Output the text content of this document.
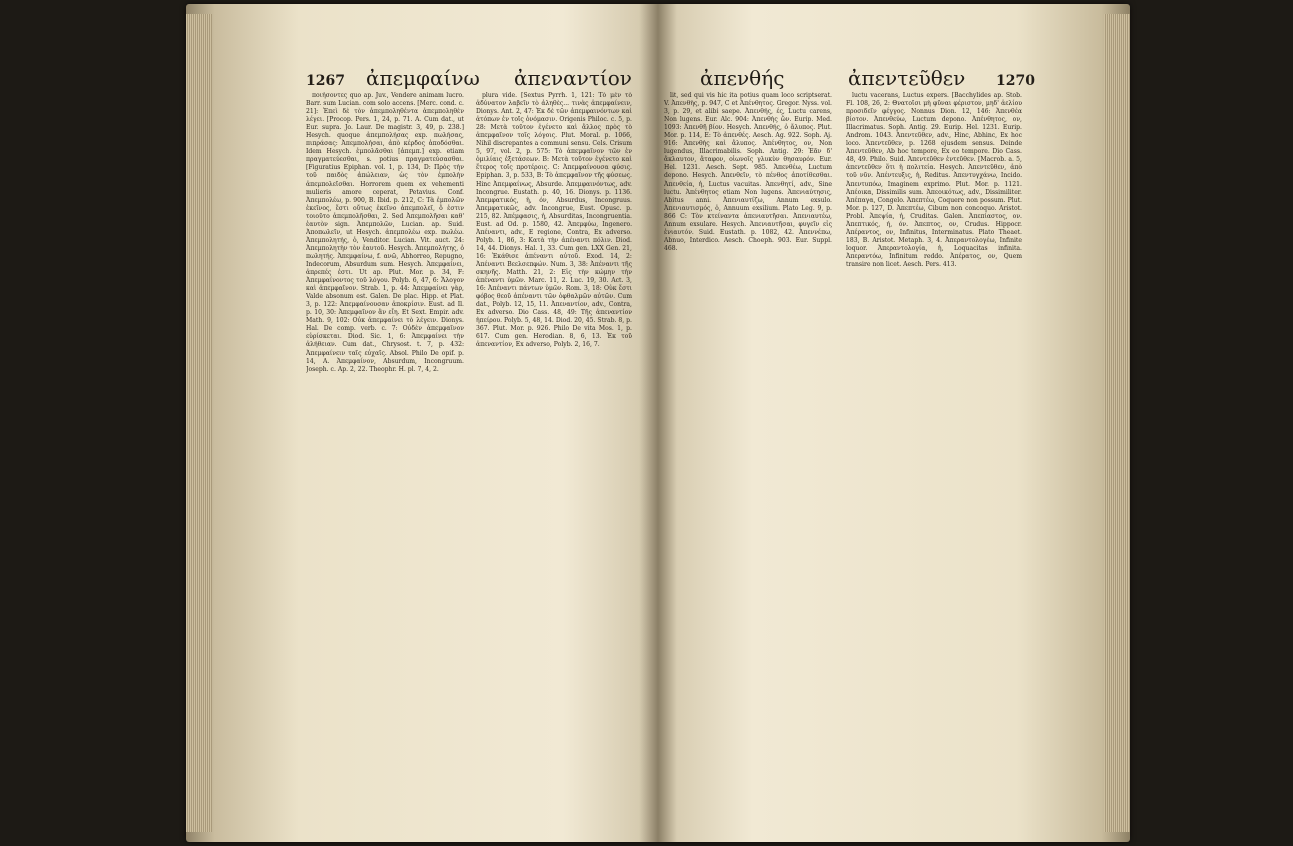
1267 ἀπεμφαίνω ἀπεναντίον	ἀπενθής	ἀπεντεῦθεν 1270

ποιήσοντες quo ap. Juv., Vendere animam lucro. Barr. sum Lucian. com solo accens. [Merc. cond. c. 21]: Ἐπεὶ δὲ τὸν ἀπεμποληθέντα ἀπεμποληθὲν λέγει. [Procop. Pers. 1, 24, p. 71. A. Cum dat., ut Eur. supra. Jo. Laur. De magistr. 3, 49, p. 238.] Hesych. quoque ἀπεμπολήσας exp. πωλήσας, πιπράσας: Ἀπεμπολήσαι, ἀπὸ κέρδος ἀποδόσθαι. Idem Hesych. ἐμπολᾶσθαι [ἀπεμπ.] exp. etiam πραγματεύεσθαι, s. potius πραγματεύσασθαι. [Figuratius Epiphan. vol. 1, p. 134, D: Πρὸς τὴν τοῦ παιδὸς ἀπώλειαν, ὡς τὸν ἐμπολὴν ἀπεμπολεῖσθαι. Horrorem quem ex vehementi mulieris amore ceperat, Petavius. Conf. Ἀπεμπολέω, p. 900, B. Ibid. p. 212, C: Τὰ ἐμπολῶν ἐκεῖνος, ἔστι οὔτως ἐκεῖνο ἀπεμπολεῖ, ὅ ἐστιν τοιοῦτο ἀπεμπολῆσθαι, 2. Sed Ἀπεμπολῆσαι καθ' ἑαυτὸν sign. Ἀπεμπολῶν, Lucian. ap. Suid. Ἀποπωλεῖν, ut Hesych. ἀπεμπολέω exp. πωλέω. Ἀπεμπολητής, ὁ, Venditor. Lucian. Vit. auct. 24: Ἀπεμπολητὴν τὸν ἑαυτοῦ. Hesych. Ἀπεμπολήτης, ὁ πωλητής. Ἀπεμφαίνω, f. ανῶ, Abhorreo, Repugno, Indecorum, Absurdum sum. Hesych. Ἀπεμφαίνει, ἀπρεπές ἐστι. Ut ap. Plut. Mor. p. 34, F: Ἀπεμφαίνοντος τοῦ λόγου. Polyb. 6, 47, 6: Ἄλογον καὶ ἀπεμφαῖνον. Strab. 1, p. 44: Ἀπεμφαίνει γὰρ, Valde absonum est. Galen. De plac. Hipp. et Plat. 3, p. 122: Ἀπεμφαίνουσαν ἀποκρίσιν. Eust. ad Il. p. 10, 30: Ἀπεμφαῖνον ἂν εἴη. Et Sext. Empir. adv. Math. 9, 102: Οὐκ ἀπεμφαίνει τὸ λέγειν. Dionys. Hal. De comp. verb. c. 7: Οὐδὲν ἀπεμφαῖνον εὑρίσκεται. Diod. Sic. 1, 6: Ἀπεμφαίνει τὴν ἀλήθειαν. Cum dat., Chrysost. t. 7, p. 432: Ἀπεμφαίνειν ταῖς εὐχαῖς. Absol. Philo De opif. p. 14, A. Ἀπεμφαίνον, Absurdum, Incongruum. Joseph. c. Ap. 2, 22. Theophr. H. pl. 7, 4, 2.

plura vide. [Sextus Pyrrh. 1, 121: Τὸ μὲν τὸ ἀδύνατον λαβεῖν τὸ ἀληθὲς... τινὰς ἀπεμφαίνειν, Dionys. Ant. 2, 47: Ἐκ δὲ τῶν ἀπεμφαινόντων καὶ ἀτόπων ἐν τοῖς ὀνόμασιν. Origenis Philoc. c. 5, p. 28: Μετὰ τοῦτον ἐγένετο καὶ ἄλλος πρὸς τὸ ἀπεμφαῖνον τοῖς λόγοις. Plut. Moral. p. 1066, Nihil discrepantes a communi sensu. Cels. Crisum 5, 97, vol. 2, p. 575: Τὸ ἀπεμφαῖνον τῶν ἐν ὁμιλίαις ἐξετάσεων. B: Μετὰ τοῦτον ἐγένετο καὶ ἕτερος τοῖς προτέροις. C: Ἀπεμφαίνουσα φύσις. Epiphan. 3, p. 533, B: Τὸ ἀπεμφαῖνον τῆς φύσεως. Hinc Ἀπεμφαίνως, Absurde. Ἀπεμφαινόντως, adv. Incongrue. Eustath. p. 40, 16. Dionys. p. 1136. Ἀπεμφατικός, ἡ, όν, Absurdus, Incongruus. Ἀπεμφατικῶς, adv. Incongrue, Eust. Opusc. p. 215, 82. Ἀπέμφασις, ἡ, Absurditas, Incongruentia. Eust. ad Od. p. 1580, 42. Ἀπεμφύω, Ingenero. Ἀπέναντι, adv., E regione, Contra, Ex adverso. Polyb. 1, 86, 3: Κατὰ τὴν ἀπέναντι πόλιν. Diod. 14, 44. Dionys. Hal. 1, 33. Cum gen. LXX Gen. 21, 16: Ἐκάθισε ἀπέναντι αὐτοῦ. Exod. 14, 2: Ἀπέναντι Βεελσεπφών. Num. 3, 38: Ἀπέναντι τῆς σκηνῆς. Matth. 21, 2: Εἰς τὴν κώμην τὴν ἀπέναντι ὑμῶν. Marc. 11, 2. Luc. 19, 30. Act. 3, 16: Ἀπέναντι πάντων ὑμῶν. Rom. 3, 18: Οὐκ ἔστι φόβος θεοῦ ἀπέναντι τῶν ὀφθαλμῶν αὐτῶν. Cum dat., Polyb. 12, 15, 11. Ἀπεναντίον, adv., Contra, Ex adverso. Dio Cass. 48, 49: Τῆς ἀπεναντίον ἠπείρου. Polyb. 5, 48, 14. Diod. 20, 45. Strab. 8, p. 367. Plut. Mor. p. 926. Philo De vita Mos. 1, p. 617. Cum gen. Herodian. 8, 6, 13. Ἐκ τοῦ ἀπεναντίον, Ex adverso, Polyb. 2, 16, 7.

lit, sed qui vis hic ita potius quam loco scriptserat. V. Ἀπενθὴς, p. 947, C et Ἀπένθητος. Gregor. Nyss. vol. 3, p. 29, et alibi saepe. Ἀπενθής, ές, Luctu carens, Non lugens. Eur. Alc. 904: Ἀπενθὴς ὤν. Eurip. Med. 1093: Ἀπενθῆ βίον. Hesych. Ἀπενθής, ὁ ἄλυπος. Plut. Mor. p. 114, E: Τὸ ἀπενθές. Aesch. Ag. 922. Soph. Aj. 916: Ἀπενθὴς καὶ ἄλυπος. Ἀπένθητος, ον, Non lugendus, Illacrimabilis. Soph. Antig. 29: Ἐᾶν δ' ἄκλαυτον, ἄταφον, οἰωνοῖς γλυκὺν θησαυρόν. Eur. Hel. 1231. Aesch. Sept. 985. Ἀπενθέω, Luctum depono. Hesych. Ἀπενθεῖν, τὸ πένθος ἀποτίθεσθαι. Ἀπενθεία, ἡ, Luctus vacuitas. Ἀπενθητί, adv., Sine luctu. Ἀπένθητος etiam Non lugens. Ἀπενιαύτησις, Abitus anni. Ἀπενιαυτίζω, Annum exsulo. Ἀπενιαυτισμός, ὁ, Annuum exsilium. Plato Leg. 9, p. 866 C: Τὸν κτείναντα ἀπενιαυτῆσαι. Ἀπενιαυτέω, Annum exsulare. Hesych. Ἀπενιαυτῆσαι, φυγεῖν εἰς ἐνιαυτόν. Suid. Eustath. p. 1082, 42. Ἀπεννέπω, Abnuo, Interdico. Aesch. Choeph. 903. Eur. Suppl. 468.

luctu vacerans, Luctus expers. [Bacchylides ap. Stob. Fl. 108, 26, 2: Θνατοῖσι μὴ φῦναι φέριστον, μηδ' ἀελίου προσιδεῖν φέγγος. Nonnus Dion. 12, 146: Ἀπενθέα βίοτον. Ἀπενθεύω, Luctum depono. Ἀπένθητος, ον, Illacrimatus. Soph. Antig. 29. Eurip. Hel. 1231. Eurip. Androm. 1043. Ἀπεντεῦθεν, adv., Hinc, Abhinc, Ex hoc loco. Ἀπεντεῦθεν, p. 1268 ejusdem sensus. Deinde Ἀπεντεῦθεν, Ab hoc tempore, Ex eo tempore. Dio Cass. 48, 49. Philo. Suid. Ἀπεντεῦθεν ἐντεῦθεν. [Macrob. a. 5, ἀπεντεῦθεν ὅτι ἡ πολιτεία. Hesych. Ἀπεντεῦθεν, ἀπὸ τοῦ νῦν. Ἀπέντευξις, ἡ, Reditus. Ἀπεντυγχάνω, Incido. Ἀπεντυπόω, Imaginem exprimo. Plut. Mor. p. 1121. Ἀπέοικα, Dissimilis sum. Ἀπεοικότως, adv., Dissimiliter. Ἀπέπαγα, Congelo. Ἀπεπτέω, Coquere non possum. Plut. Mor. p. 127, D. Ἀπεπτέω, Cibum non concoquo. Aristot. Probl. Ἀπεψία, ἡ, Cruditas. Galen. Ἀπεπίαστος, ον. Ἀπεπτικός, ή, όν. Ἀπεπτος, ον, Crudus. Hippocr. Ἀπέραντος, ον, Infinitus, Interminatus. Plato Theaet. 183, B. Aristot. Metaph. 3, 4. Ἀπεραντολογέω, Infinite loquor. Ἀπεραντολογία, ἡ, Loquacitas infinita. Ἀπεραντόω, Infinitum reddo. Ἀπέρατος, ον, Quem transire non licet. Aesch. Pers. 413.
